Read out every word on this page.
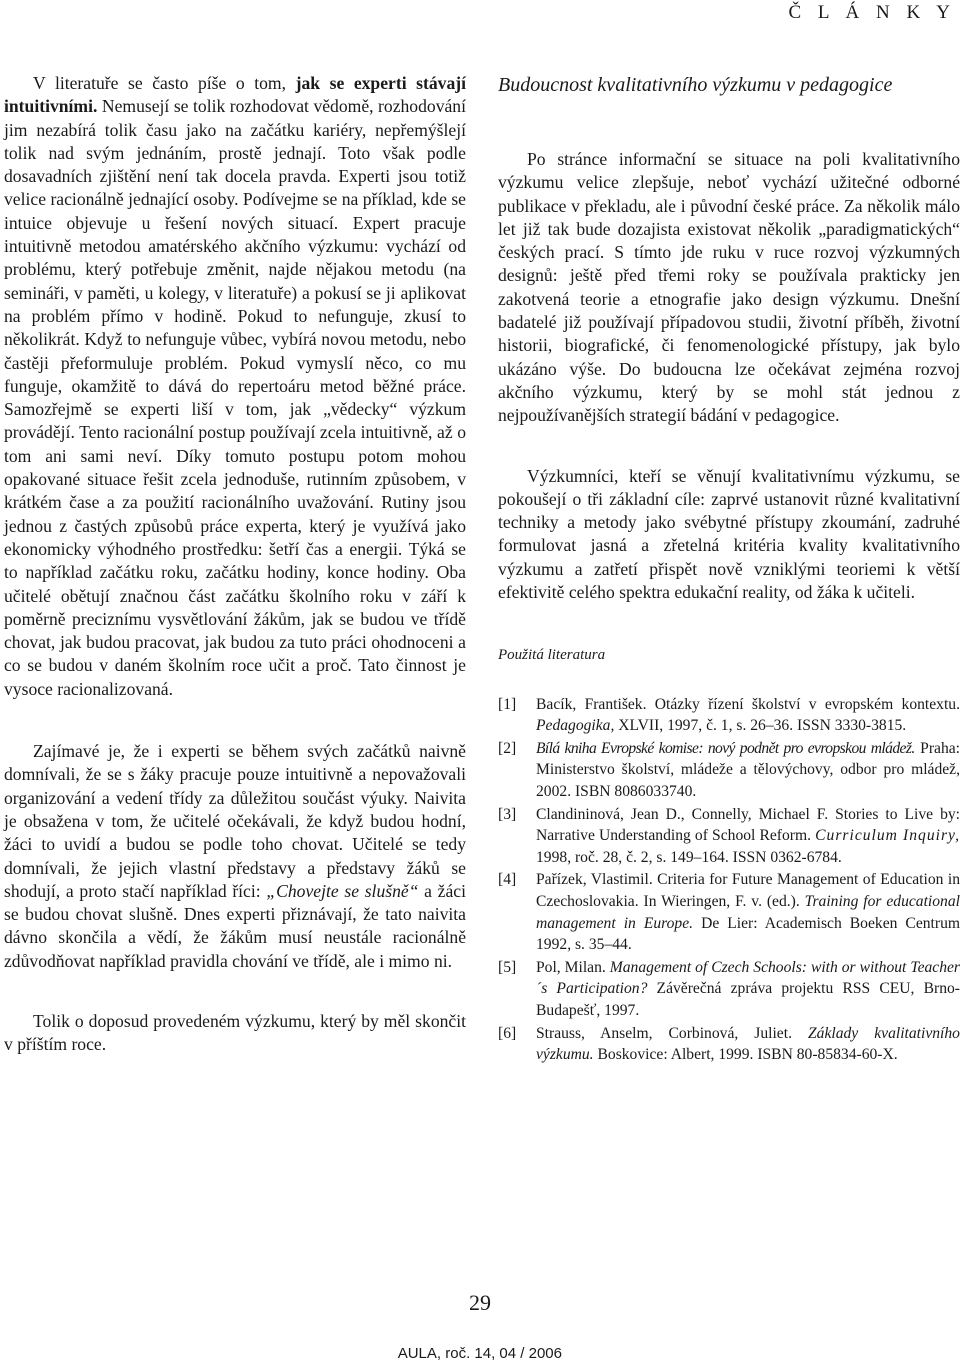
Č L Á N K Y

V literatuře se často píše o tom, jak se experti stávají intuitivními. Nemusejí se tolik rozhodovat vědomě, rozhodování jim nezabírá tolik času jako na začátku kariéry, nepřemýšlejí tolik nad svým jednáním, prostě jednají. Toto však podle dosavadních zjištění není tak docela pravda. Experti jsou totiž velice racionálně jednající osoby. Podívejme se na příklad, kde se intuice objevuje u řešení nových situací. Expert pracuje intuitivně metodou amatérského akčního výzkumu: vychází od problému, který potřebuje změnit, najde nějakou metodu (na semináři, v paměti, u kolegy, v literatuře) a pokusí se ji aplikovat na problém přímo v hodině. Pokud to nefunguje, zkusí to několikrát. Když to nefunguje vůbec, vybírá novou metodu, nebo častěji přeformuluje problém. Pokud vymyslí něco, co mu funguje, okamžitě to dává do repertoáru metod běžné práce. Samozřejmě se experti liší v tom, jak „vědecky“ výzkum provádějí. Tento racionální postup používají zcela intuitivně, až o tom ani sami neví. Díky tomuto postupu potom mohou opakované situace řešit zcela jednoduše, rutinním způsobem, v krátkém čase a za použití racionálního uvažování. Rutiny jsou jednou z častých způsobů práce experta, který je využívá jako ekonomicky výhodného prostředku: šetří čas a energii. Týká se to například začátku roku, začátku hodiny, konce hodiny. Oba učitelé obětují značnou část začátku školního roku v září k poměrně preciznímu vysvětlování žákům, jak se budou ve třídě chovat, jak budou pracovat, jak budou za tuto práci ohodnoceni a co se budou v daném školním roce učit a proč. Tato činnost je vysoce racionalizovaná.

Zajímavé je, že i experti se během svých začátků naivně domnívali, že se s žáky pracuje pouze intuitivně a nepovažovali organizování a vedení třídy za důležitou součást výuky. Naivita je obsažena v tom, že učitelé očekávali, že když budou hodní, žáci to uvidí a budou se podle toho chovat. Učitelé se tedy domnívali, že jejich vlastní představy a představy žáků se shodují, a proto stačí například říci: „Chovejte se slušně“ a žáci se budou chovat slušně. Dnes experti přiznávají, že tato naivita dávno skončila a vědí, že žákům musí neustále racionálně zdůvodňovat například pravidla chování ve třídě, ale i mimo ni.

Tolik o doposud provedeném výzkumu, který by měl skončit v příštím roce.

Budoucnost kvalitativního výzkumu v pedagogice

Po stránce informační se situace na poli kvalitativního výzkumu velice zlepšuje, neboť vychází užitečné odborné publikace v překladu, ale i původní české práce. Za několik málo let již tak bude dozajista existovat několik „paradigmatických“ českých prací. S tímto jde ruku v ruce rozvoj výzkumných designů: ještě před třemi roky se používala prakticky jen zakotvená teorie a etnografie jako design výzkumu. Dnešní badatelé již používají případovou studii, životní příběh, životní historii, biografické, či fenomenologické přístupy, jak bylo ukázáno výše. Do budoucna lze očekávat zejména rozvoj akčního výzkumu, který by se mohl stát jednou z nejpoužívanějších strategií bádání v pedagogice.

Výzkumníci, kteří se věnují kvalitativnímu výzkumu, se pokoušejí o tři základní cíle: zaprvé ustanovit různé kvalitativní techniky a metody jako svébytné přístupy zkoumání, zadruhé formulovat jasná a zřetelná kritéria kvality kvalitativního výzkumu a zatřetí přispět nově vzniklými teoriemi k větší efektivitě celého spektra edukační reality, od žáka k učiteli.

Použitá literatura
[1]	Bacík, František. Otázky řízení školství v evropském kontextu. Pedagogika, XLVII, 1997, č. 1, s. 26–36. ISSN 3330-3815.
[2]	Bílá kniha Evropské komise: nový podnět pro evropskou mládež. Praha: Ministerstvo školství, mládeže a tělovýchovy, odbor pro mládež, 2002. ISBN 8086033740.
[3]	Clandininová, Jean D., Connelly, Michael F. Stories to Live by: Narrative Understanding of School Reform. Curriculum Inquiry, 1998, roč. 28, č. 2, s. 149–164. ISSN 0362-6784.
[4]	Pařízek, Vlastimil. Criteria for Future Management of Education in Czechoslovakia. In Wieringen, F. v. (ed.). Training for educational management in Europe. De Lier: Academisch Boeken Centrum 1992, s. 35–44.
[5]	Pol, Milan. Management of Czech Schools: with or without Teacher´s Participation? Závěrečná zpráva projektu RSS CEU, Brno-Budapešť, 1997.
[6]	Strauss, Anselm, Corbinová, Juliet. Základy kvalitativního výzkumu. Boskovice: Albert, 1999. ISBN 80-85834-60-X.
29
AULA, roč. 14, 04 / 2006
